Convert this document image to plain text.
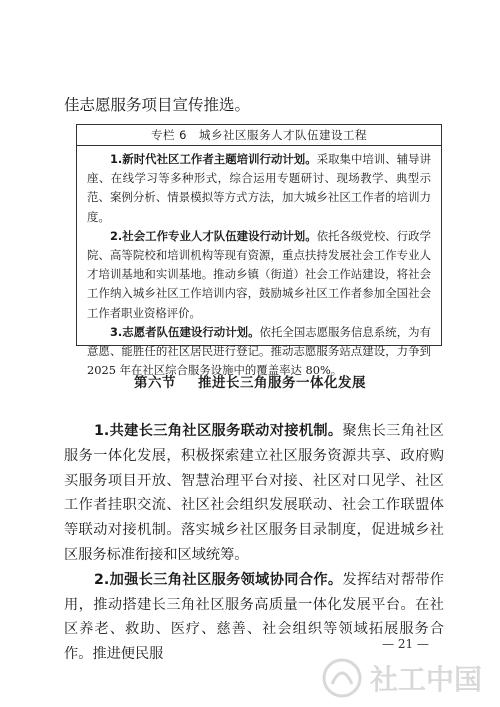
佳志愿服务项目宣传推选。

专栏 6　城乡社区服务人才队伍建设工程

1.新时代社区工作者主题培训行动计划。采取集中培训、辅导讲座、在线学习等多种形式，综合运用专题研讨、现场教学、典型示范、案例分析、情景模拟等方式方法，加大城乡社区工作者的培训力度。

2.社会工作专业人才队伍建设行动计划。依托各级党校、行政学院、高等院校和培训机构等现有资源，重点扶持发展社会工作专业人才培训基地和实训基地。推动乡镇（街道）社会工作站建设，将社会工作纳入城乡社区工作培训内容，鼓励城乡社区工作者参加全国社会工作者职业资格评价。

3.志愿者队伍建设行动计划。依托全国志愿服务信息系统，为有意愿、能胜任的社区居民进行登记。推动志愿服务站点建设，力争到 2025 年在社区综合服务设施中的覆盖率达 80%。

第六节 推进长三角服务一体化发展

1.共建长三角社区服务联动对接机制。聚焦长三角社区服务一体化发展，积极探索建立社区服务资源共享、政府购买服务项目开放、智慧治理平台对接、社区对口见学、社区工作者挂职交流、社区社会组织发展联动、社会工作联盟体等联动对接机制。落实城乡社区服务目录制度，促进城乡社区服务标准衔接和区域统筹。

2.加强长三角社区服务领域协同合作。发挥结对帮带作用，推动搭建长三角社区服务高质量一体化发展平台。在社区养老、救助、医疗、慈善、社会组织等领域拓展服务合作。推进便民服

— 21 —
社工中国
